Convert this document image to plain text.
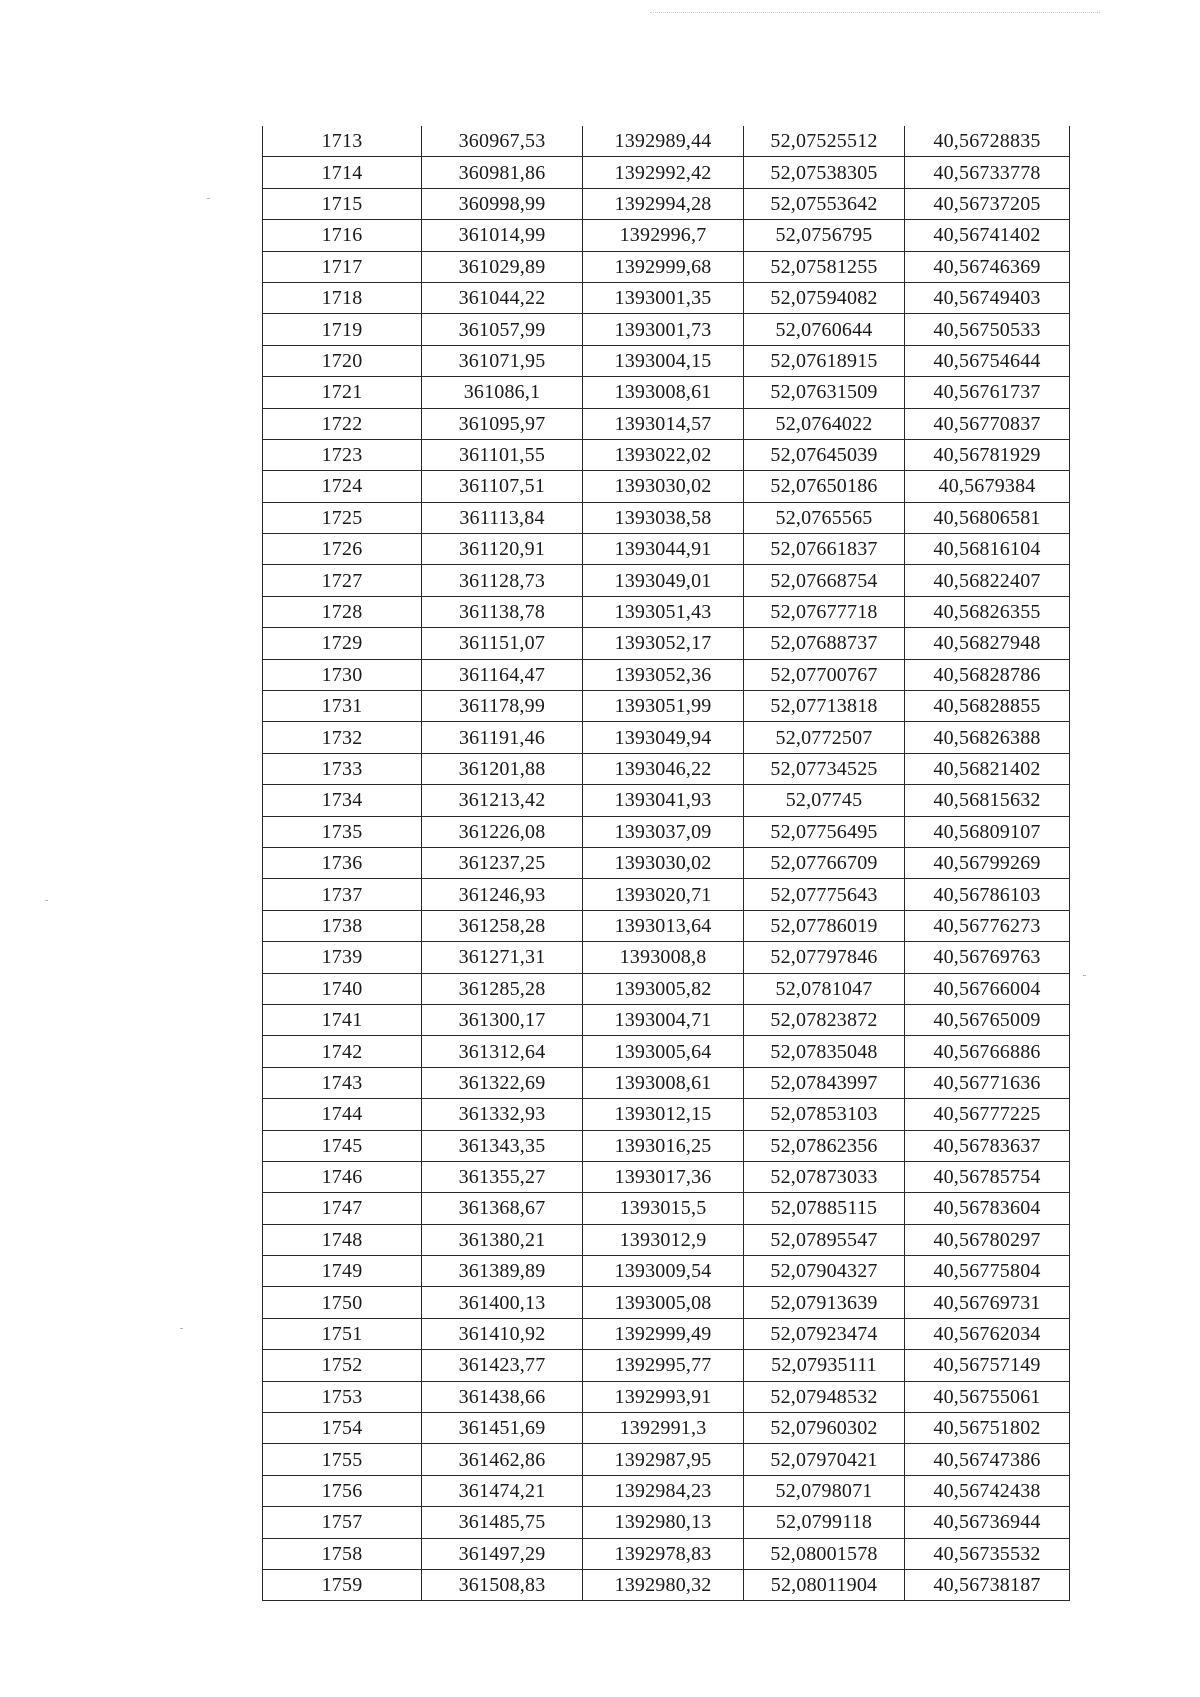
1713	360967,53	1392989,44	52,07525512	40,56728835
1714	360981,86	1392992,42	52,07538305	40,56733778
1715	360998,99	1392994,28	52,07553642	40,56737205
1716	361014,99	1392996,7	52,0756795	40,56741402
1717	361029,89	1392999,68	52,07581255	40,56746369
1718	361044,22	1393001,35	52,07594082	40,56749403
1719	361057,99	1393001,73	52,0760644	40,56750533
1720	361071,95	1393004,15	52,07618915	40,56754644
1721	361086,1	1393008,61	52,07631509	40,56761737
1722	361095,97	1393014,57	52,0764022	40,56770837
1723	361101,55	1393022,02	52,07645039	40,56781929
1724	361107,51	1393030,02	52,07650186	40,5679384
1725	361113,84	1393038,58	52,0765565	40,56806581
1726	361120,91	1393044,91	52,07661837	40,56816104
1727	361128,73	1393049,01	52,07668754	40,56822407
1728	361138,78	1393051,43	52,07677718	40,56826355
1729	361151,07	1393052,17	52,07688737	40,56827948
1730	361164,47	1393052,36	52,07700767	40,56828786
1731	361178,99	1393051,99	52,07713818	40,56828855
1732	361191,46	1393049,94	52,0772507	40,56826388
1733	361201,88	1393046,22	52,07734525	40,56821402
1734	361213,42	1393041,93	52,07745	40,56815632
1735	361226,08	1393037,09	52,07756495	40,56809107
1736	361237,25	1393030,02	52,07766709	40,56799269
1737	361246,93	1393020,71	52,07775643	40,56786103
1738	361258,28	1393013,64	52,07786019	40,56776273
1739	361271,31	1393008,8	52,07797846	40,56769763
1740	361285,28	1393005,82	52,0781047	40,56766004
1741	361300,17	1393004,71	52,07823872	40,56765009
1742	361312,64	1393005,64	52,07835048	40,56766886
1743	361322,69	1393008,61	52,07843997	40,56771636
1744	361332,93	1393012,15	52,07853103	40,56777225
1745	361343,35	1393016,25	52,07862356	40,56783637
1746	361355,27	1393017,36	52,07873033	40,56785754
1747	361368,67	1393015,5	52,07885115	40,56783604
1748	361380,21	1393012,9	52,07895547	40,56780297
1749	361389,89	1393009,54	52,07904327	40,56775804
1750	361400,13	1393005,08	52,07913639	40,56769731
1751	361410,92	1392999,49	52,07923474	40,56762034
1752	361423,77	1392995,77	52,07935111	40,56757149
1753	361438,66	1392993,91	52,07948532	40,56755061
1754	361451,69	1392991,3	52,07960302	40,56751802
1755	361462,86	1392987,95	52,07970421	40,56747386
1756	361474,21	1392984,23	52,0798071	40,56742438
1757	361485,75	1392980,13	52,0799118	40,56736944
1758	361497,29	1392978,83	52,08001578	40,56735532
1759	361508,83	1392980,32	52,08011904	40,56738187
